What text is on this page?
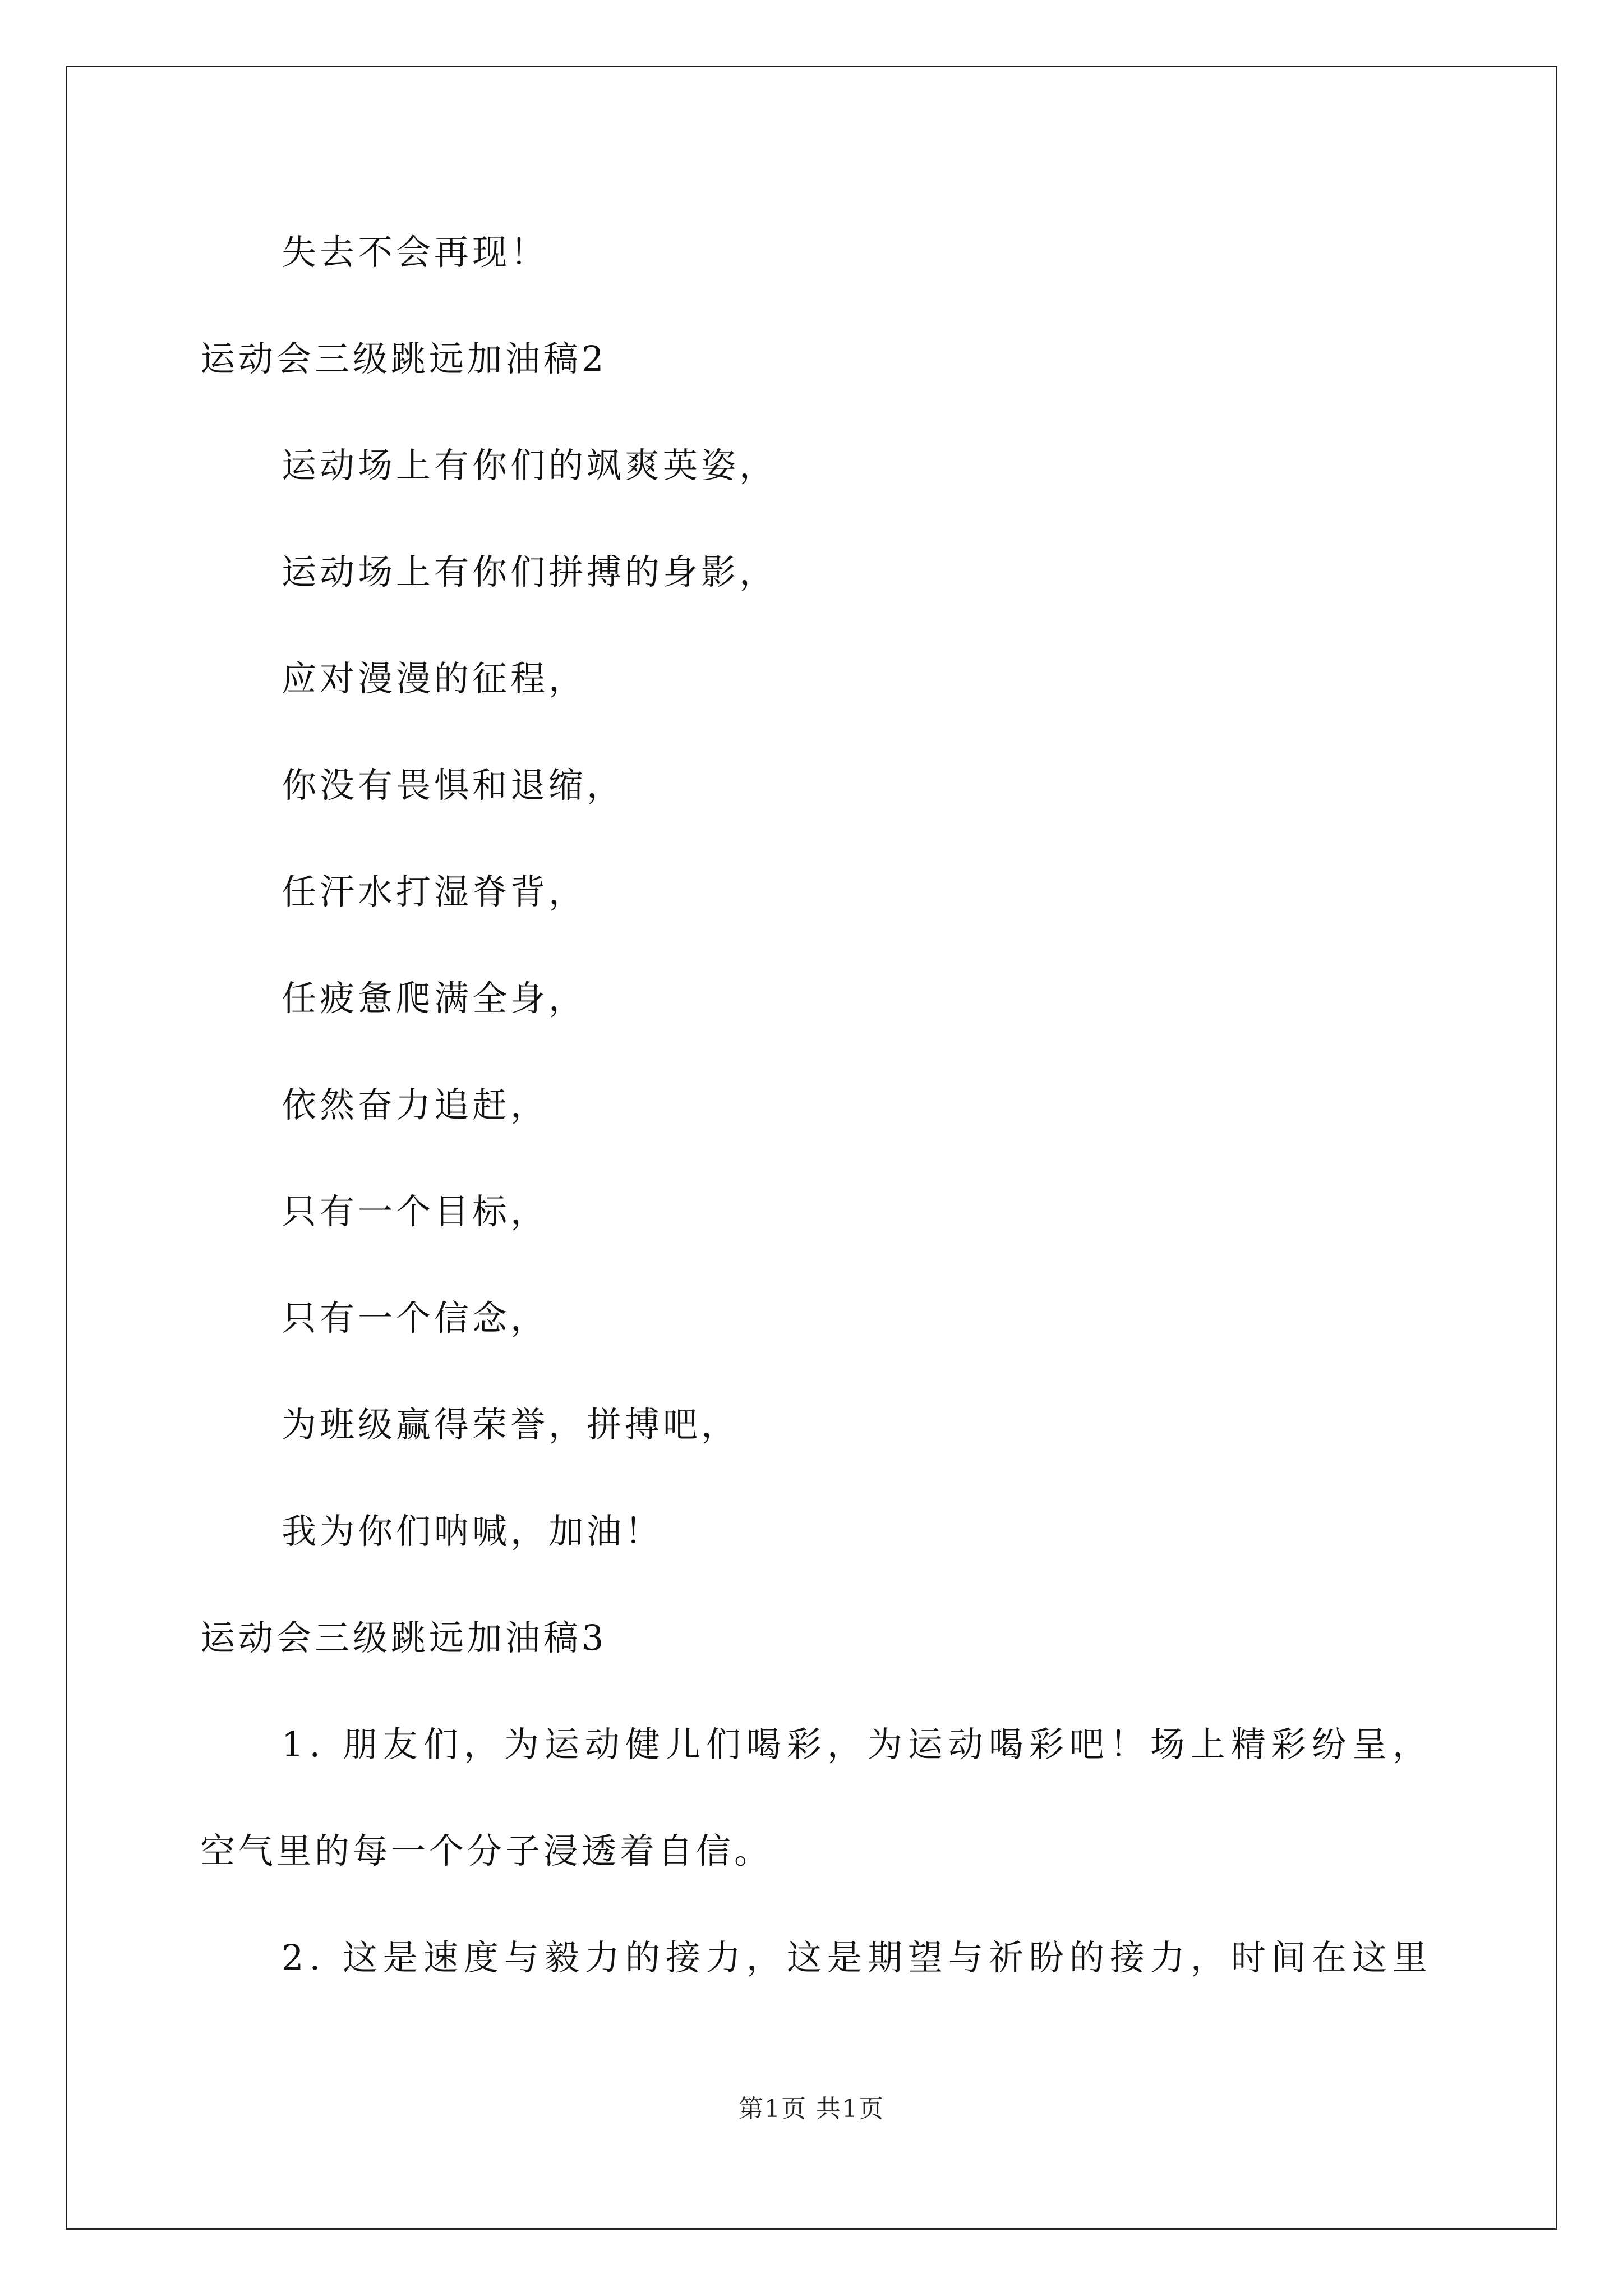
失去不会再现！
运动会三级跳远加油稿2
运动场上有你们的飒爽英姿，
运动场上有你们拼搏的身影，
应对漫漫的征程，
你没有畏惧和退缩，
任汗水打湿脊背，
任疲惫爬满全身，
依然奋力追赶，
只有一个目标，
只有一个信念，
为班级赢得荣誉，拼搏吧，
我为你们呐喊，加油！
运动会三级跳远加油稿3
1. 朋友们，为运动健儿们喝彩，为运动喝彩吧！场上精彩纷呈，
空气里的每一个分子浸透着自信。
2. 这是速度与毅力的接力，这是期望与祈盼的接力，时间在这里
第1页 共1页
